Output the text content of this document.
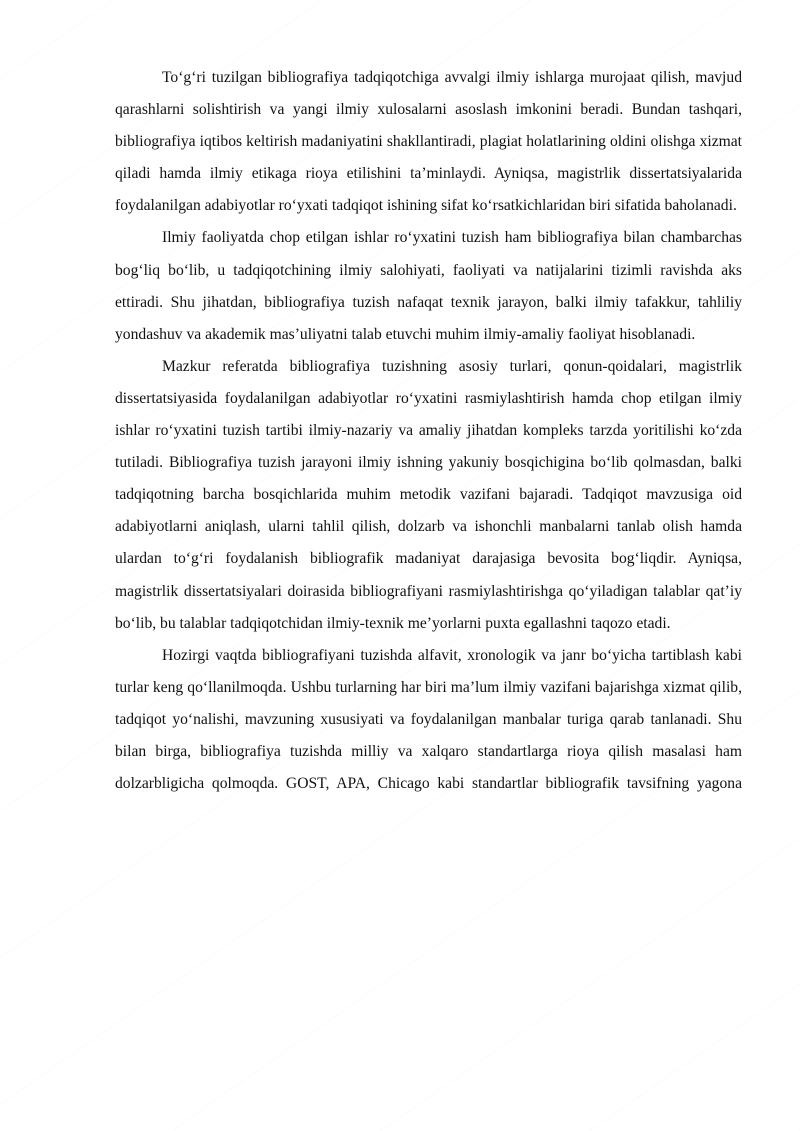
To‘g‘ri tuzilgan bibliografiya tadqiqotchiga avvalgi ilmiy ishlarga murojaat qilish, mavjud qarashlarni solishtirish va yangi ilmiy xulosalarni asoslash imkonini beradi. Bundan tashqari, bibliografiya iqtibos keltirish madaniyatini shakllantiradi, plagiat holatlarining oldini olishga xizmat qiladi hamda ilmiy etikaga rioya etilishini ta’minlaydi. Ayniqsa, magistrlik dissertatsiyalarida foydalanilgan adabiyotlar ro‘yxati tadqiqot ishining sifat ko‘rsatkichlaridan biri sifatida baholanadi.

Ilmiy faoliyatda chop etilgan ishlar ro‘yxatini tuzish ham bibliografiya bilan chambarchas bog‘liq bo‘lib, u tadqiqotchining ilmiy salohiyati, faoliyati va natijalarini tizimli ravishda aks ettiradi. Shu jihatdan, bibliografiya tuzish nafaqat texnik jarayon, balki ilmiy tafakkur, tahliliy yondashuv va akademik mas’uliyatni talab etuvchi muhim ilmiy-amaliy faoliyat hisoblanadi.

Mazkur referatda bibliografiya tuzishning asosiy turlari, qonun-qoidalari, magistrlik dissertatsiyasida foydalanilgan adabiyotlar ro‘yxatini rasmiylashtirish hamda chop etilgan ilmiy ishlar ro‘yxatini tuzish tartibi ilmiy-nazariy va amaliy jihatdan kompleks tarzda yoritilishi ko‘zda tutiladi. Bibliografiya tuzish jarayoni ilmiy ishning yakuniy bosqichigina bo‘lib qolmasdan, balki tadqiqotning barcha bosqichlarida muhim metodik vazifani bajaradi. Tadqiqot mavzusiga oid adabiyotlarni aniqlash, ularni tahlil qilish, dolzarb va ishonchli manbalarni tanlab olish hamda ulardan to‘g‘ri foydalanish bibliografik madaniyat darajasiga bevosita bog‘liqdir. Ayniqsa, magistrlik dissertatsiyalari doirasida bibliografiyani rasmiylashtirishga qo‘yiladigan talablar qat’iy bo‘lib, bu talablar tadqiqotchidan ilmiy-texnik me’yorlarni puxta egallashni taqozo etadi.

Hozirgi vaqtda bibliografiyani tuzishda alfavit, xronologik va janr bo‘yicha tartiblash kabi turlar keng qo‘llanilmoqda. Ushbu turlarning har biri ma’lum ilmiy vazifani bajarishga xizmat qilib, tadqiqot yo‘nalishi, mavzuning xususiyati va foydalanilgan manbalar turiga qarab tanlanadi. Shu bilan birga, bibliografiya tuzishda milliy va xalqaro standartlarga rioya qilish masalasi ham dolzarbligicha qolmoqda. GOST, APA, Chicago kabi standartlar bibliografik tavsifning yagona
